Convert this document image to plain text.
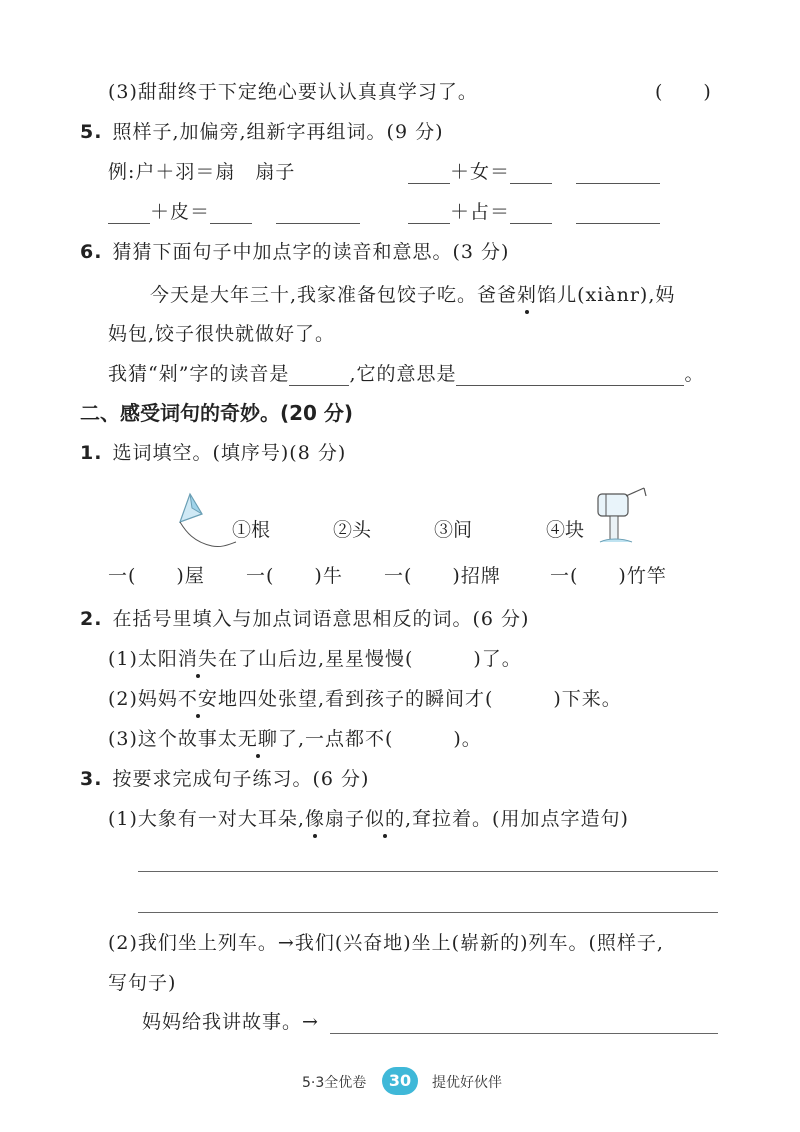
(3)甜甜终于下定绝心要认认真真学习了。	(　　)
5. 照样子,加偏旁,组新字再组词。(9 分)
例:户＋羽＝扇　扇子	＋女＝
＋皮＝	＋占＝
6. 猜猜下面句子中加点字的读音和意思。(3 分)
今天是大年三十,我家准备包饺子吃。爸爸剁馅儿(xiànr),妈
妈包,饺子很快就做好了。
我猜“剁”字的读音是	,它的意思是	。
二、感受词句的奇妙。(20 分)
1. 选词填空。(填序号)(8 分)
①根	②头	③间	④块
一(　　)屋 一(　　)牛 一(　　)招牌	一(　　)竹竿
2. 在括号里填入与加点词语意思相反的词。(6 分)
(1)太阳消失在了山后边,星星慢慢(　　　)了。
(2)妈妈不安地四处张望,看到孩子的瞬间才(　　　)下来。
(3)这个故事太无聊了,一点都不(　　　)。
3. 按要求完成句子练习。(6 分)
(1)大象有一对大耳朵,像扇子似的,耷拉着。(用加点字造句)
(2)我们坐上列车。→我们(兴奋地)坐上(崭新的)列车。(照样子,
写句子)
妈妈给我讲故事。→
5·3全优卷	30	提优好伙伴
